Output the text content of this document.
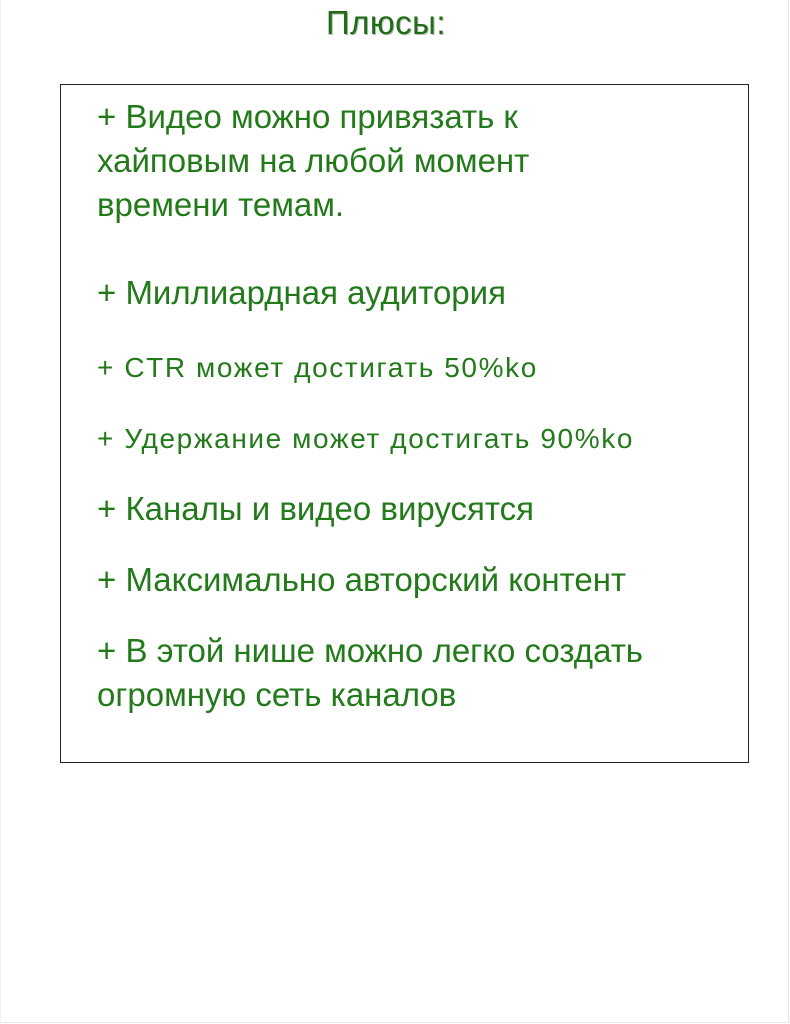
Плюсы:
+ Видео можно привязать к
хайповым на любой момент
времени темам.
+ Миллиардная аудитория
+ CTR может достигать 50%ko
+ Удержание может достигать 90%ko
+ Каналы и видео вирусятся
+ Максимально авторский контент
+ В этой нише можно легко создать
огромную сеть каналов
